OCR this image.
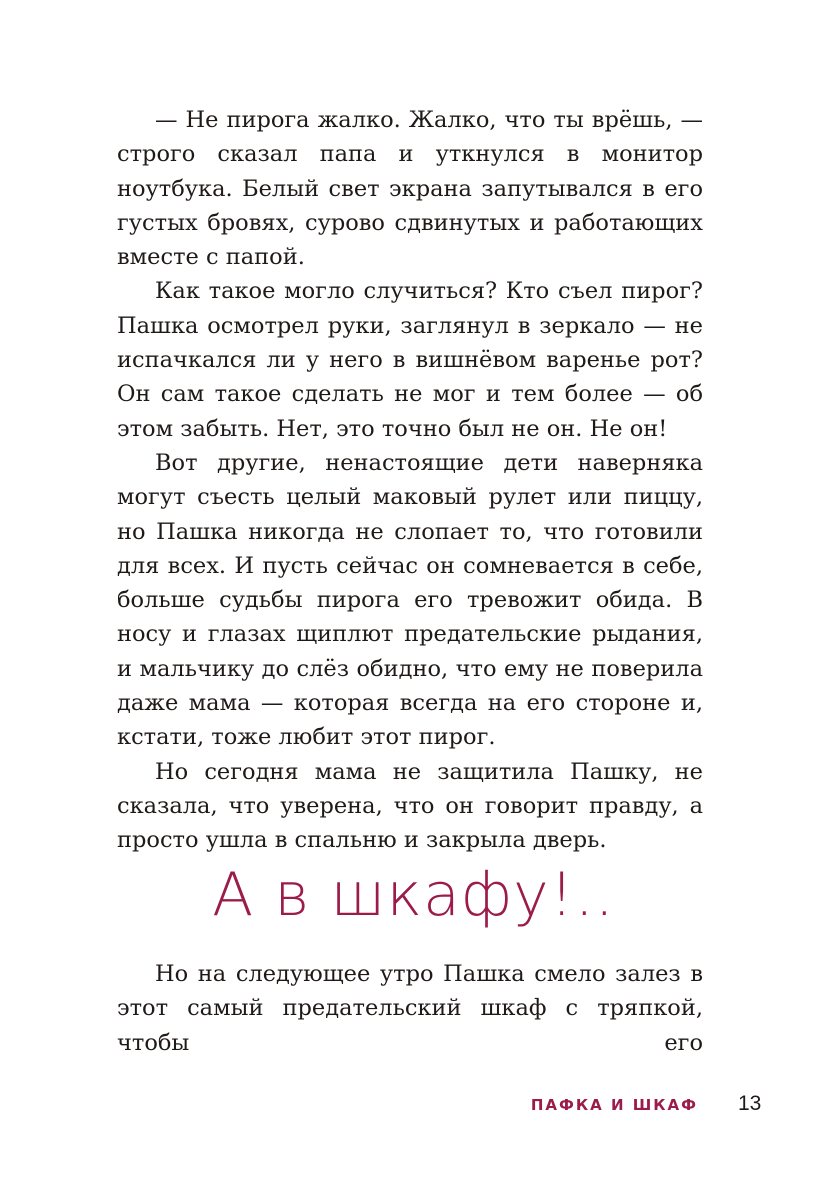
— Не пирога жалко. Жалко, что ты врёшь, — строго сказал папа и уткнулся в монитор ноутбука. Белый свет экрана запутывался в его густых бровях, сурово сдвинутых и работающих вместе с папой.

Как такое могло случиться? Кто съел пирог? Пашка осмотрел руки, заглянул в зеркало — не испачкался ли у него в вишнёвом варенье рот? Он сам такое сделать не мог и тем более — об этом забыть. Нет, это точно был не он. Не он!

Вот другие, ненастоящие дети наверняка могут съесть целый маковый рулет или пиццу, но Пашка никогда не слопает то, что готовили для всех. И пусть сейчас он сомневается в себе, больше судьбы пирога его тревожит обида. В носу и глазах щиплют предательские рыдания, и мальчику до слёз обидно, что ему не поверила даже мама — которая всегда на его стороне и, кстати, тоже любит этот пирог.

Но сегодня мама не защитила Пашку, не сказала, что уверена, что он говорит правду, а просто ушла в спальню и закрыла дверь.

А в шкафу!..

Но на следующее утро Пашка смело залез в этот самый предательский шкаф с тряпкой, чтобы его

ПАФКА И ШКАФ 13
